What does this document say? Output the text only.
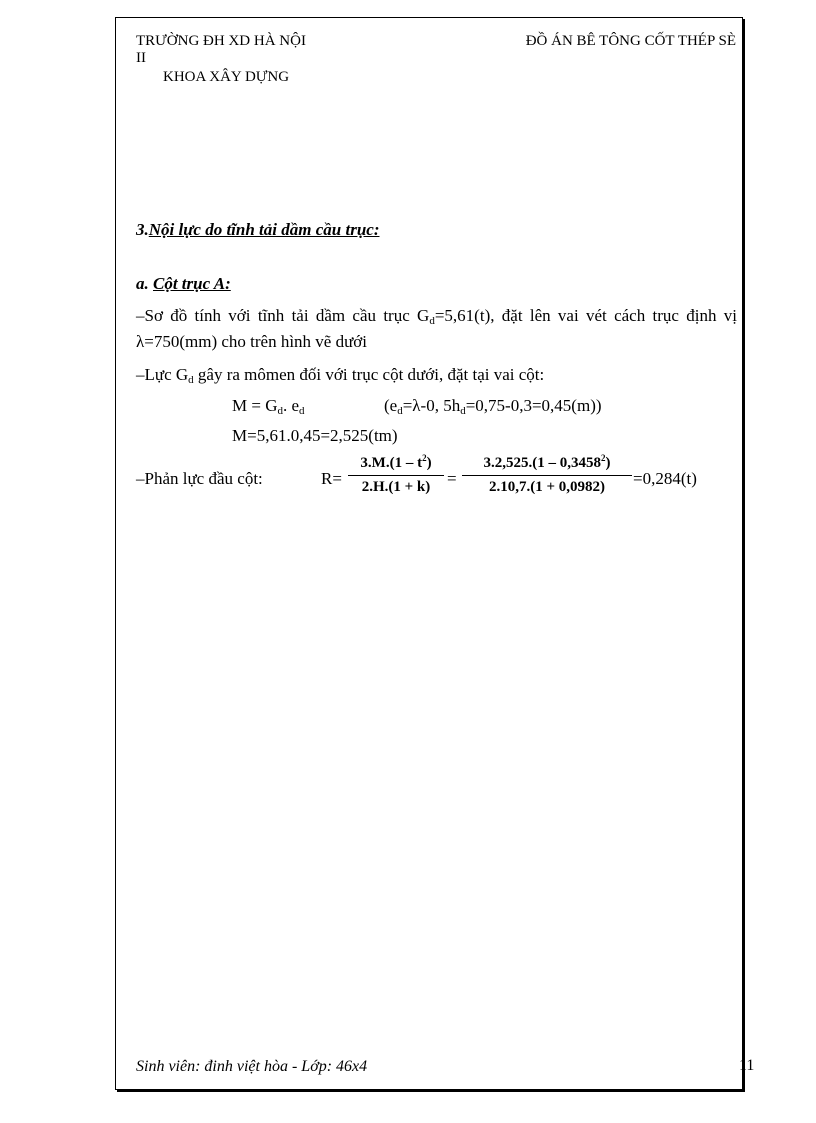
TRƯỜNG ĐH XD HÀ NỘI
II
KHOA XÂY DỰNG
ĐỒ ÁN BÊ TÔNG CỐT THÉP SÈ
3.Nội lực do tĩnh tải dầm cầu trục:
a. Cột trục A:
–Sơ đồ tính với tĩnh tải dầm cầu trục $G_d=5,61(t)$, đặt lên vai vét cách trục định vị λ=750(mm) cho trên hình vẽ dưới
–Lực $G_d$ gây ra mômen đối với trục cột dưới, đặt tại vai cột:
$M = G_d$. $e_d$	($e_d=\lambda-0$, $5h_d=0,75-0,3=0,45(m)$)
M=5,61.0,45=2,525(tm)
–Phản lực đầu cột:	R=
$3.M.(1 - t^2)$
2.H.(1 + k) =
3.2,525.(1 – 0,3458$^2$)
2.10,7.(1 + 0,0982)	=0,284(t)
Sinh viên: đinh việt hòa - Lớp: 46x4	11
